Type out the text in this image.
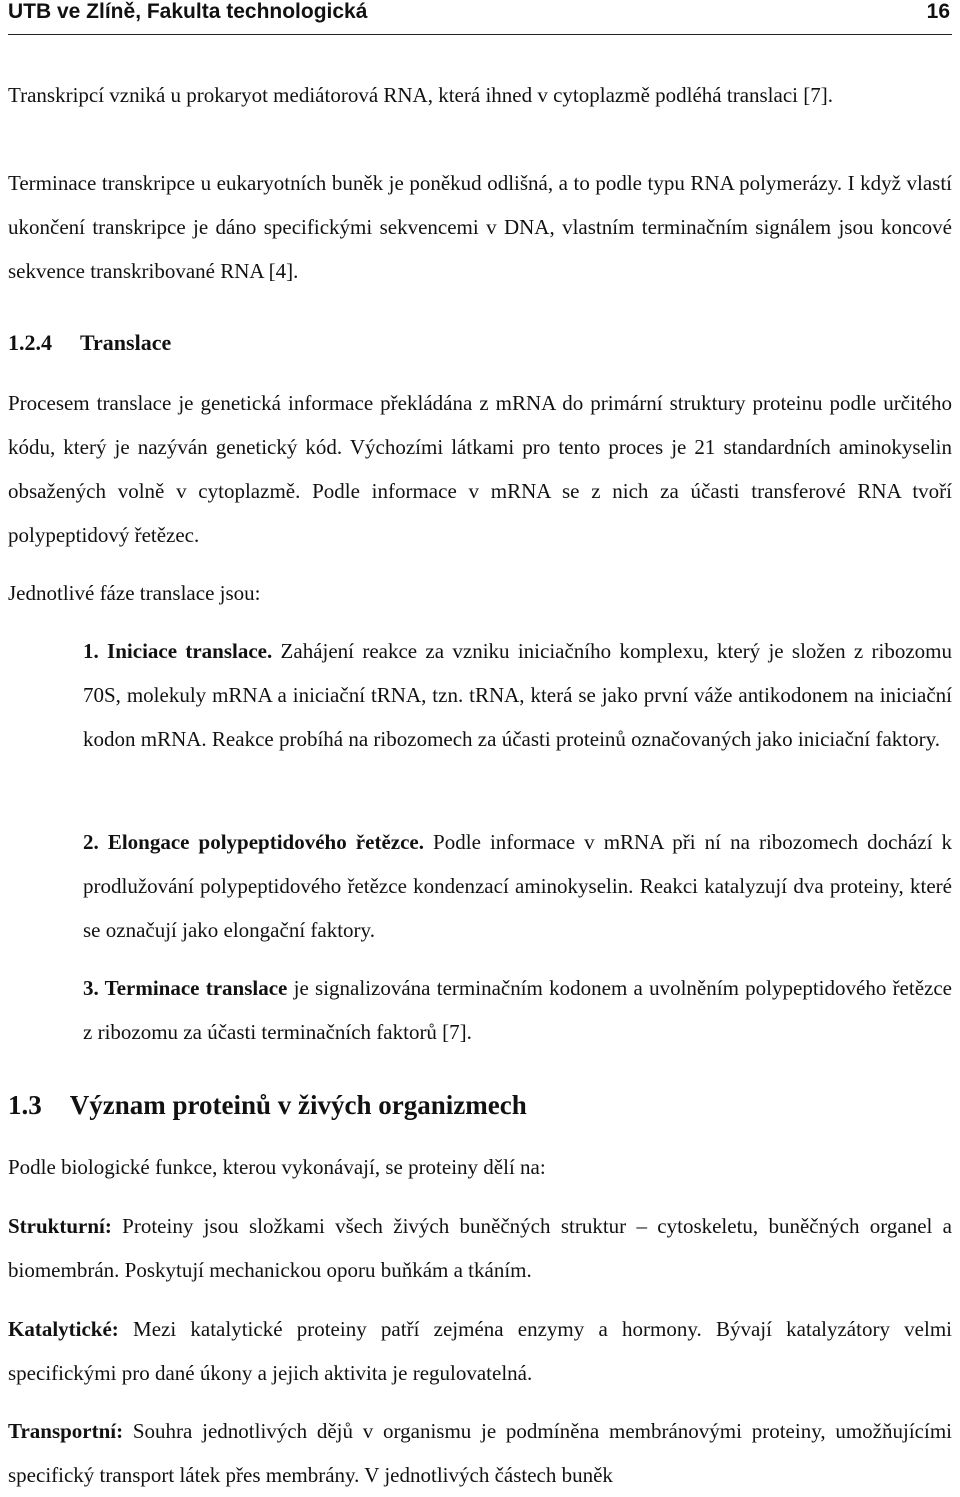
UTB ve Zlíně, Fakulta technologická	16

Transkripcí vzniká u prokaryot mediátorová RNA, která ihned v cytoplazmě podléhá translaci [7].

Terminace transkripce u eukaryotních buněk je poněkud odlišná, a to podle typu RNA polymerázy. I když vlastí ukončení transkripce je dáno specifickými sekvencemi v DNA, vlastním terminačním signálem jsou koncové sekvence transkribované RNA [4].

1.2.4 Translace

Procesem translace je genetická informace překládána z mRNA do primární struktury proteinu podle určitého kódu, který je nazýván genetický kód. Výchozími látkami pro tento proces je 21 standardních aminokyselin obsažených volně v cytoplazmě. Podle informace v mRNA se z nich za účasti transferové RNA tvoří polypeptidový řetězec.

Jednotlivé fáze translace jsou:

1. Iniciace translace. Zahájení reakce za vzniku iniciačního komplexu, který je složen z ribozomu 70S, molekuly mRNA a iniciační tRNA, tzn. tRNA, která se jako první váže antikodonem na iniciační kodon mRNA. Reakce probíhá na ribozomech za účasti proteinů označovaných jako iniciační faktory.

2. Elongace polypeptidového řetězce. Podle informace v mRNA při ní na ribozomech dochází k prodlužování polypeptidového řetězce kondenzací aminokyselin. Reakci katalyzují dva proteiny, které se označují jako elongační faktory.

3. Terminace translace je signalizována terminačním kodonem a uvolněním polypeptidového řetězce z ribozomu za účasti terminačních faktorů [7].

1.3 Význam proteinů v živých organizmech

Podle biologické funkce, kterou vykonávají, se proteiny dělí na:

Strukturní: Proteiny jsou složkami všech živých buněčných struktur – cytoskeletu, buněčných organel a biomembrán. Poskytují mechanickou oporu buňkám a tkáním.

Katalytické: Mezi katalytické proteiny patří zejména enzymy a hormony. Bývají katalyzátory velmi specifickými pro dané úkony a jejich aktivita je regulovatelná.

Transportní: Souhra jednotlivých dějů v organismu je podmíněna membránovými proteiny, umožňujícími specifický transport látek přes membrány. V jednotlivých částech buněk
